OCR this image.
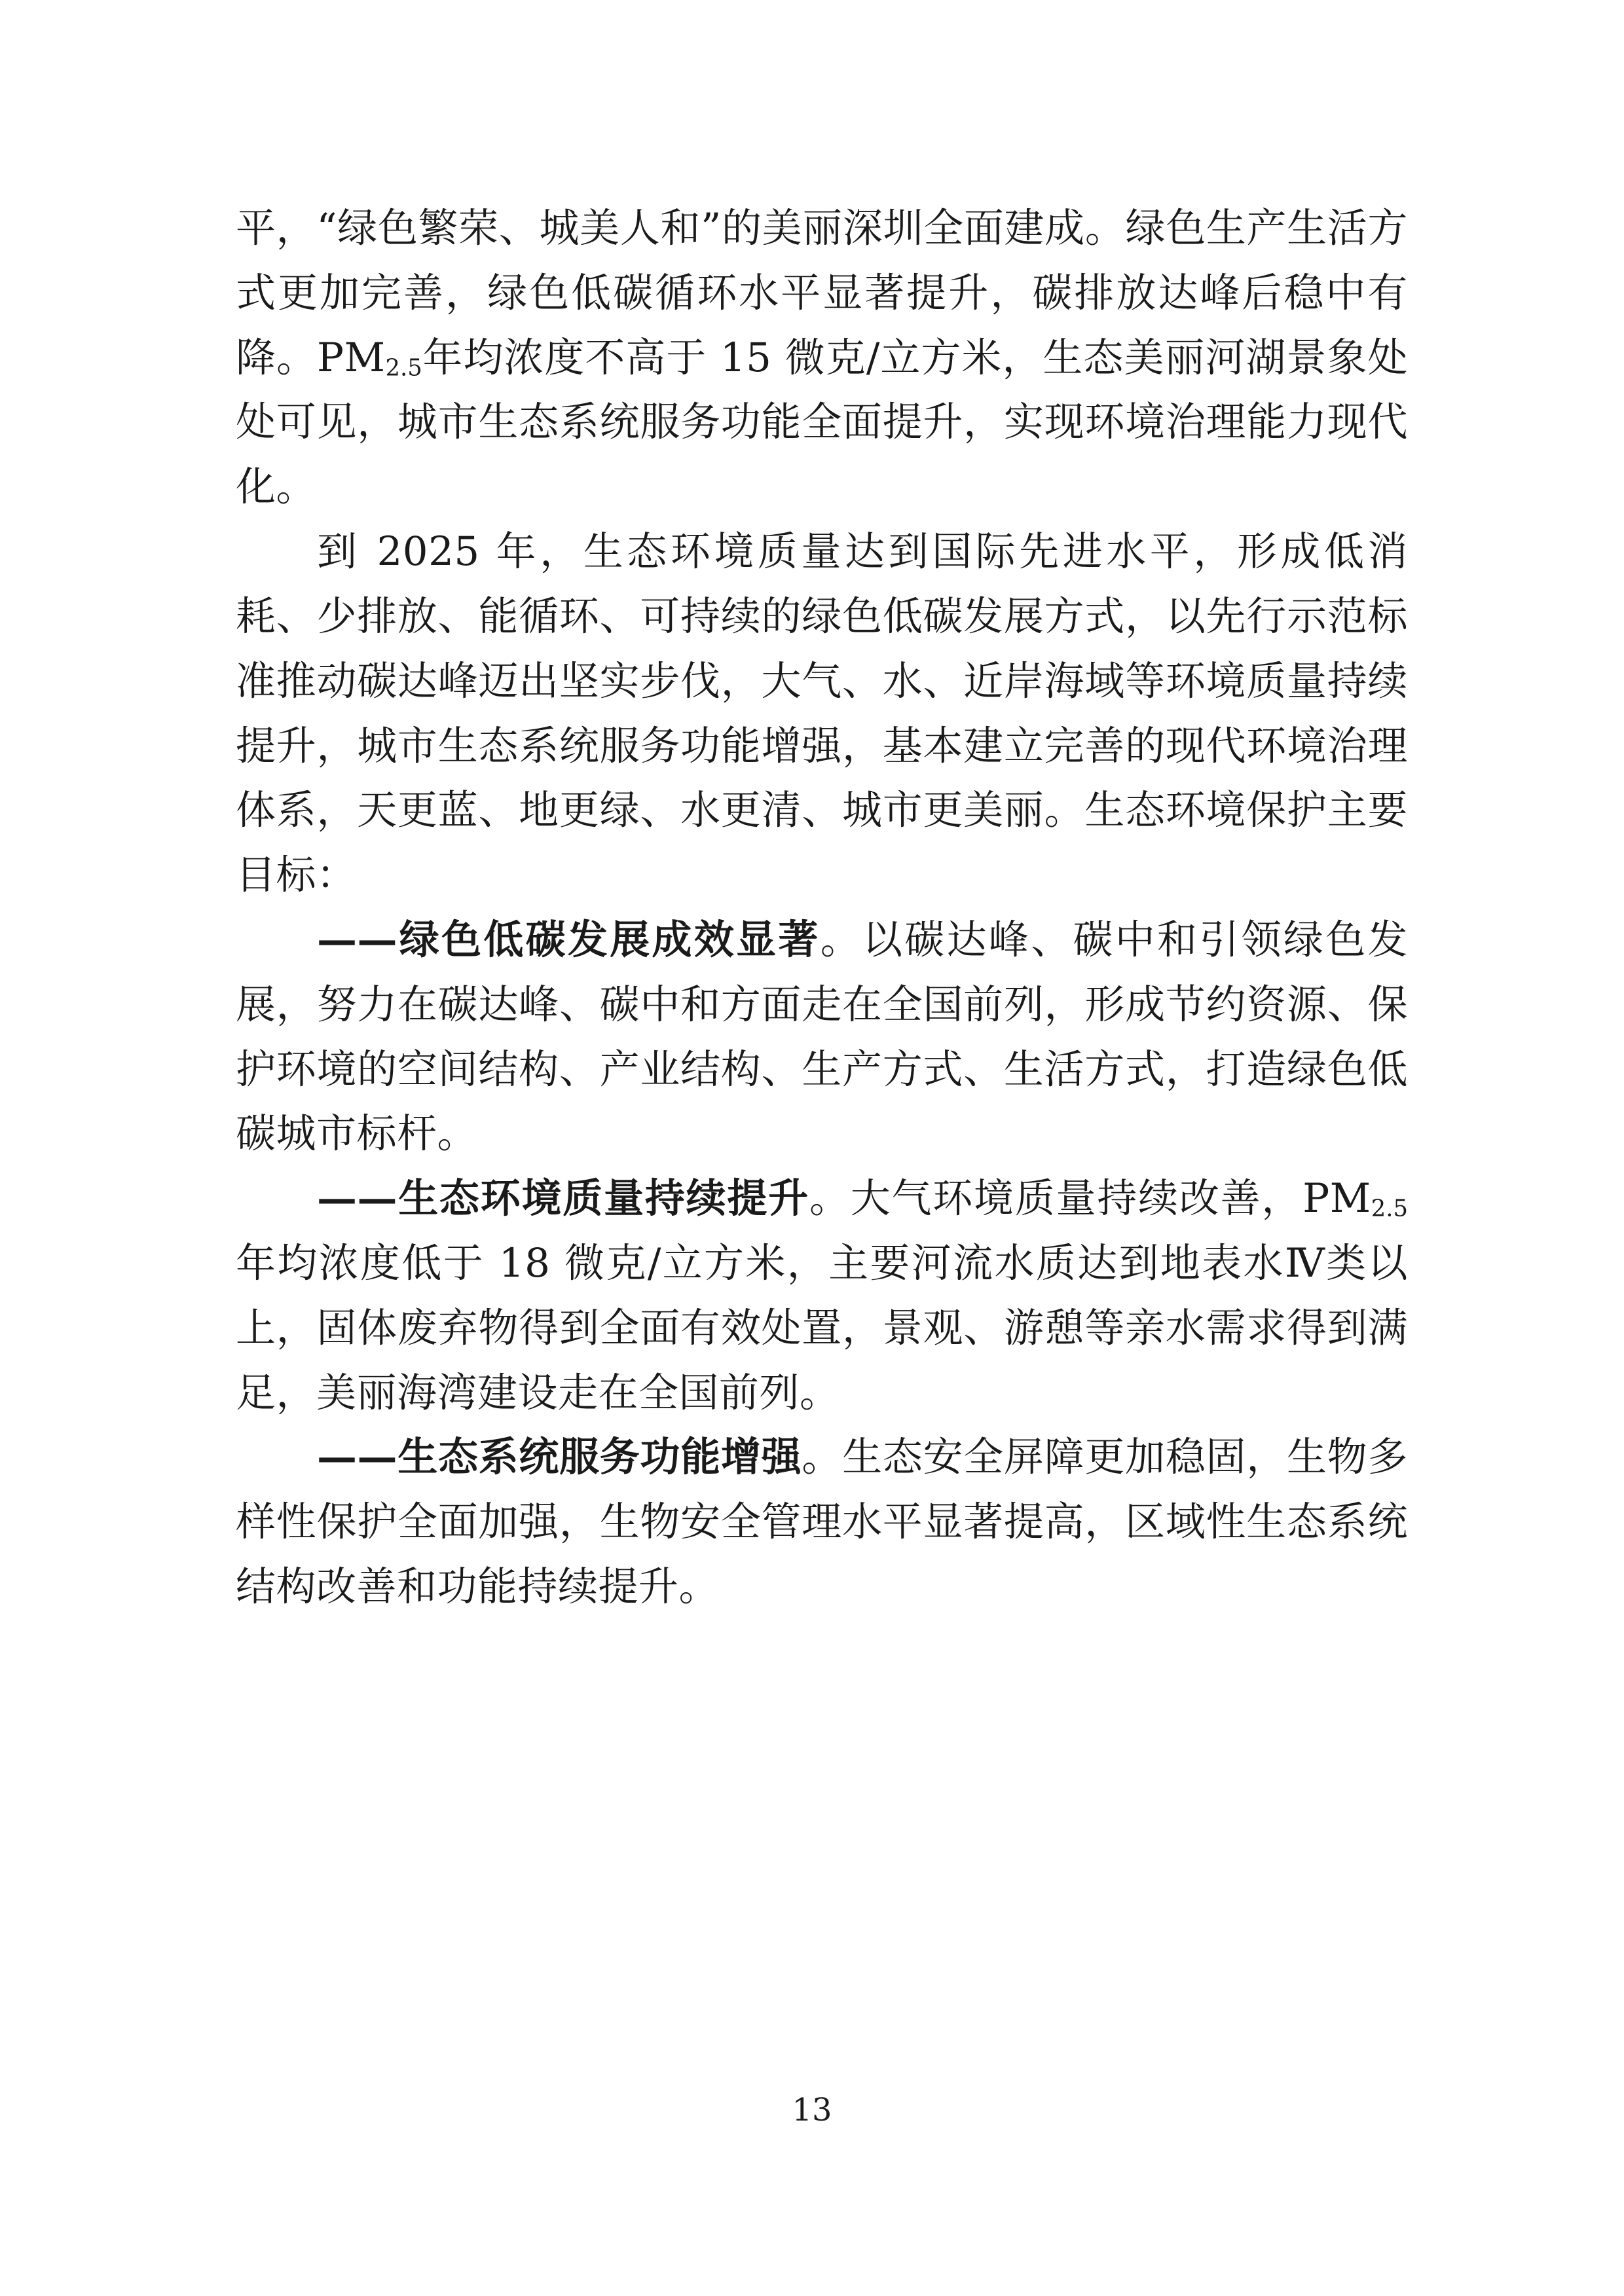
平，“绿色繁荣、城美人和”的美丽深圳全面建成。绿色生产生活方式更加完善，绿色低碳循环水平显著提升，碳排放达峰后稳中有降。$PM_{2.5}$年均浓度不高于 15 微克/立方米，生态美丽河湖景象处处可见，城市生态系统服务功能全面提升，实现环境治理能力现代化。

到 2025 年，生态环境质量达到国际先进水平，形成低消耗、少排放、能循环、可持续的绿色低碳发展方式，以先行示范标准推动碳达峰迈出坚实步伐，大气、水、近岸海域等环境质量持续提升，城市生态系统服务功能增强，基本建立完善的现代环境治理体系，天更蓝、地更绿、水更清、城市更美丽。生态环境保护主要目标：

——绿色低碳发展成效显著。以碳达峰、碳中和引领绿色发展，努力在碳达峰、碳中和方面走在全国前列，形成节约资源、保护环境的空间结构、产业结构、生产方式、生活方式，打造绿色低碳城市标杆。

——生态环境质量持续提升。大气环境质量持续改善，$PM_{2.5}$年均浓度低于 18 微克/立方米，主要河流水质达到地表水Ⅳ类以上，固体废弃物得到全面有效处置，景观、游憩等亲水需求得到满足，美丽海湾建设走在全国前列。

——生态系统服务功能增强。生态安全屏障更加稳固，生物多样性保护全面加强，生物安全管理水平显著提高，区域性生态系统结构改善和功能持续提升。

13
